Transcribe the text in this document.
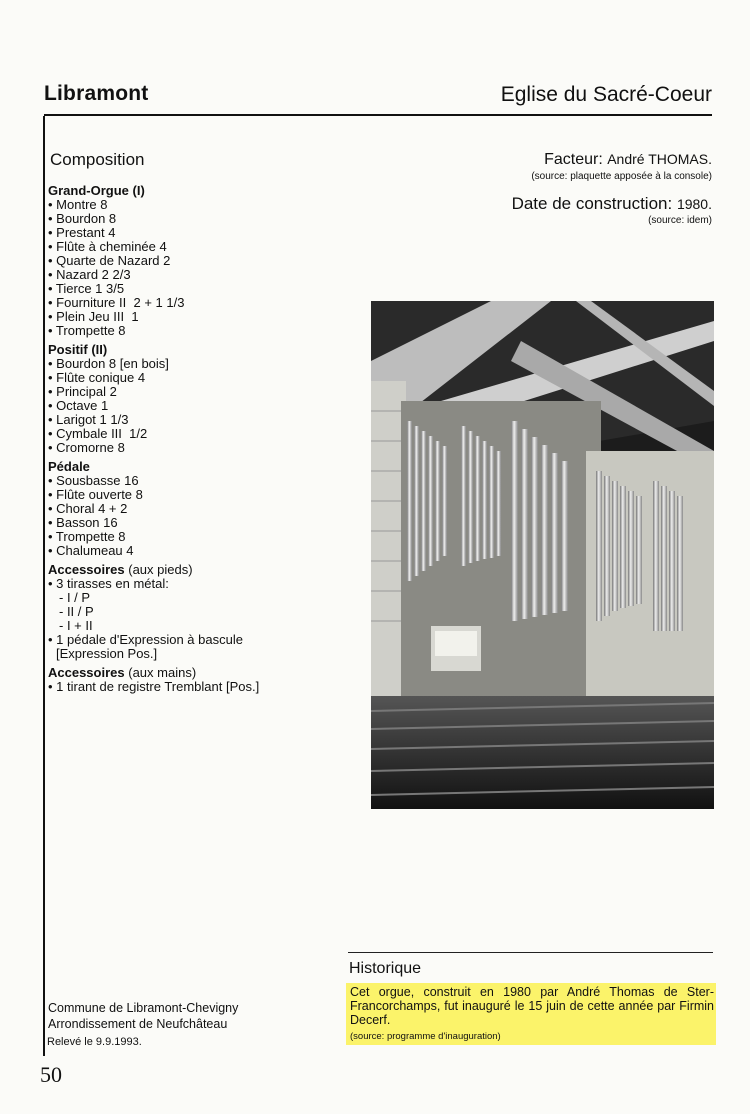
Libramont	Eglise du Sacré-Coeur
Composition
Grand-Orgue (I)
• Montre 8
• Bourdon 8
• Prestant 4
• Flûte à cheminée 4
• Quarte de Nazard 2
• Nazard 2 2/3
• Tierce 1 3/5
• Fourniture II  2 + 1 1/3
• Plein Jeu III  1
• Trompette 8
Positif (II)
• Bourdon 8 [en bois]
• Flûte conique 4
• Principal 2
• Octave 1
• Larigot 1 1/3
• Cymbale III  1/2
• Cromorne 8
Pédale
• Sousbasse 16
• Flûte ouverte 8
• Choral 4 + 2
• Basson 16
• Trompette 8
• Chalumeau 4
Accessoires (aux pieds)
• 3 tirasses en métal:
- I / P
- II / P
- I + II
• 1 pédale d'Expression à bascule
[Expression Pos.]
Accessoires (aux mains)
• 1 tirant de registre Tremblant [Pos.]
Facteur: André THOMAS.
(source: plaquette apposée à la console)
Date de construction: 1980.
(source: idem)
Historique
Cet orgue, construit en 1980 par André Thomas de Ster-Francorchamps, fut inauguré le 15 juin de cette année par Firmin Decerf.
(source: programme d'inauguration)
Commune de Libramont-Chevigny
Arrondissement de Neufchâteau
Relevé le 9.9.1993.
50
